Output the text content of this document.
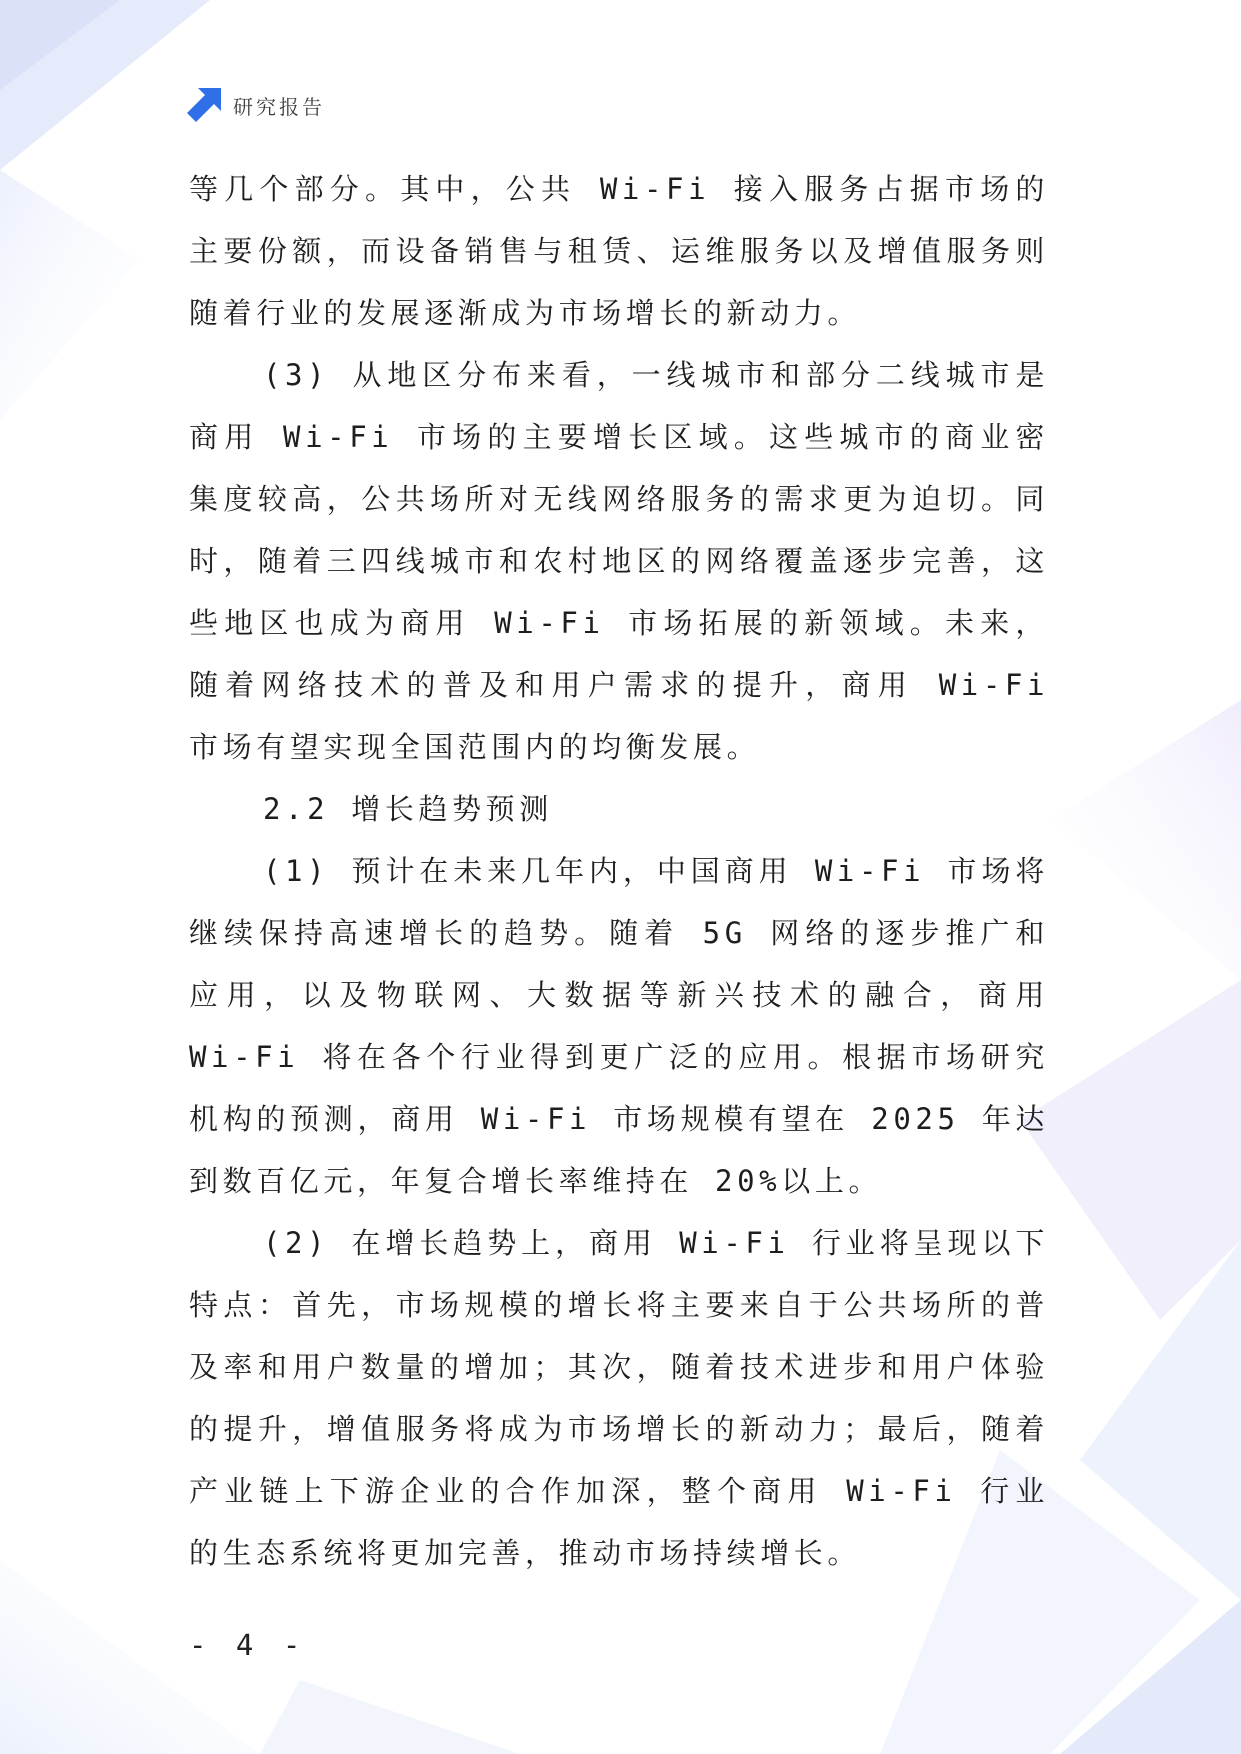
研究报告

等几个部分。其中，公共 Wi-Fi 接入服务占据市场的主要份额，而设备销售与租赁、运维服务以及增值服务则随着行业的发展逐渐成为市场增长的新动力。

(3) 从地区分布来看，一线城市和部分二线城市是商用 Wi-Fi 市场的主要增长区域。这些城市的商业密集度较高，公共场所对无线网络服务的需求更为迫切。同时，随着三四线城市和农村地区的网络覆盖逐步完善，这些地区也成为商用 Wi-Fi 市场拓展的新领域。未来，随着网络技术的普及和用户需求的提升，商用 Wi-Fi 市场有望实现全国范围内的均衡发展。

2.2 增长趋势预测

(1) 预计在未来几年内，中国商用 Wi-Fi 市场将继续保持高速增长的趋势。随着 5G 网络的逐步推广和应用，以及物联网、大数据等新兴技术的融合，商用 Wi-Fi 将在各个行业得到更广泛的应用。根据市场研究机构的预测，商用 Wi-Fi 市场规模有望在 2025 年达到数百亿元，年复合增长率维持在 20%以上。

(2) 在增长趋势上，商用 Wi-Fi 行业将呈现以下特点：首先，市场规模的增长将主要来自于公共场所的普及率和用户数量的增加；其次，随着技术进步和用户体验的提升，增值服务将成为市场增长的新动力；最后，随着产业链上下游企业的合作加深，整个商用 Wi-Fi 行业的生态系统将更加完善，推动市场持续增长。

- 4 -
